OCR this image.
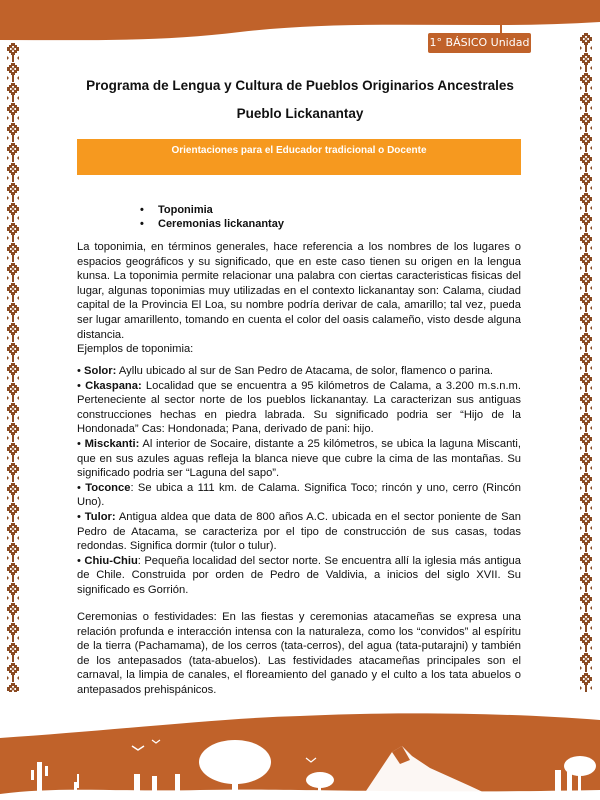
1° BÁSICO Unidad 3
Programa de Lengua y Cultura de Pueblos Originarios Ancestrales
Pueblo Lickanantay
Orientaciones para el Educador tradicional o Docente
• Toponimia
• Ceremonias lickanantay

La toponimia, en términos generales, hace referencia a los nombres de los lugares o espacios geográficos y su significado, que en este caso tienen su origen en la lengua kunsa. La toponimia permite relacionar una palabra con ciertas caracteristicas fisicas del lugar, algunas toponimias muy utilizadas en el contexto lickanantay son: Calama, ciudad capital de la Provincia El Loa, su nombre podría derivar de cala, amarillo; tal vez, pueda ser lugar amarillento, tomando en cuenta el color del oasis calameño, visto desde alguna distancia.

Ejemplos de toponimia:

• Solor: Ayllu ubicado al sur de San Pedro de Atacama, de solor, flamenco o parina.

• Ckaspana: Localidad que se encuentra a 95 kilómetros de Calama, a 3.200 m.s.n.m. Perteneciente al sector norte de los pueblos lickanantay. La caracterizan sus antiguas construcciones hechas en piedra labrada. Su significado podria ser “Hijo de la Hondonada” Cas: Hondonada; Pana, derivado de pani: hijo.

• Misckanti: Al interior de Socaire, distante a 25 kilómetros, se ubica la laguna Miscanti, que en sus azules aguas refleja la blanca nieve que cubre la cima de las montañas. Su significado podria ser “Laguna del sapo”.

• Toconce: Se ubica a 111 km. de Calama. Significa Toco; rincón y uno, cerro (Rincón Uno).

• Tulor: Antigua aldea que data de 800 años A.C. ubicada en el sector poniente de San Pedro de Atacama, se caracteriza por el tipo de construcción de sus casas, todas redondas. Significa dormir (tulor o tulur).

• Chiu-Chiu: Pequeña localidad del sector norte. Se encuentra allí la iglesia más antigua de Chile. Construida por orden de Pedro de Valdivia, a inicios del siglo XVII. Su significado es Gorrión.

Ceremonias o festividades: En las fiestas y ceremonias atacameñas se expresa una relación profunda e interacción intensa con la naturaleza, como los “convidos” al espíritu de la tierra (Pachamama), de los cerros (tata-cerros), del agua (tata-putarajni) y también de los antepasados (tata-abuelos). Las festividades atacameñas principales son el carnaval, la limpia de canales, el floreamiento del ganado y el culto a los tata abuelos o antepasados prehispánicos.
